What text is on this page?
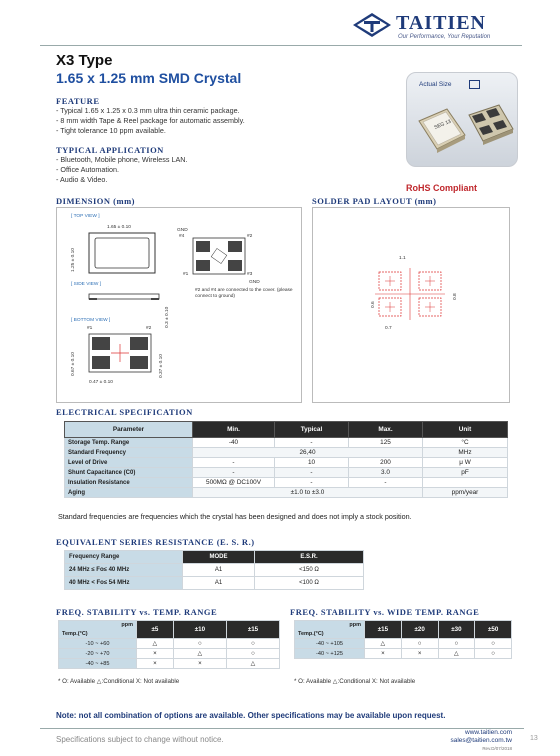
TAITIEN
Our Performance, Your Reputation
X3 Type
1.65 x 1.25 mm SMD Crystal
FEATURE
- Typical 1.65 x 1.25 x 0.3 mm ultra thin ceramic package.
- 8 mm width Tape & Reel package for automatic assembly.
- Tight tolerance 10 ppm available.
TYPICAL APPLICATION
- Bluetooth, Mobile phone, Wireless LAN.
- Office Automation.
- Audio & Video.
Actual Size
SEG 13
RoHS Compliant
DIMENSION (mm)
[ TOP VIEW ]
1.65 ± 0.10
1.25 ± 0.10
[ SIDE VIEW ]
0.3 ± 0.10
[ BOTTOM VIEW ]
#1	#2
0.67 ± 0.10	0.37 ± 0.10
0.47 ± 0.10
GND
#4	#2
#1	#3
GND
#2 and #4 are connected to the cover. (please connect to ground)
SOLDER PAD LAYOUT (mm)
1.1
0.6
0.8
0.7
ELECTRICAL SPECIFICATION
Parameter	Min.	Typical	Max.	Unit
Storage Temp. Range	-40	-	125	°C
Standard Frequency	26,40			MHz
Level of Drive	-	10	200	μ W
Shunt Capacitance (C0)	-	-	3.0	pF
Insulation Resistance	500MΩ @ DC100V	-	-	
Aging	±1.0 to ±3.0			ppm/year
Standard frequencies are frequencies which the crystal has been designed and does not imply a stock position.
EQUIVALENT SERIES RESISTANCE (E. S. R.)
Frequency Range	MODE	E.S.R.
24 MHz ≤ Fo≤ 40 MHz	A1	<150 Ω
40 MHz < Fo≤ 54 MHz	A1	<100 Ω
FREQ. STABILITY vs. TEMP. RANGE
ppm
Temp.(°C)	±5	±10	±15
-10 ~ +60	△	○	○
-20 ~ +70	×	△	○
-40 ~ +85	×	×	△
* O: Available △:Conditional X: Not available
FREQ. STABILITY vs. WIDE TEMP. RANGE
ppm
Temp.(°C)	±15	±20	±30	±50
-40 ~ +105	△	○	○	○
-40 ~ +125	×	×	△	○
* O: Available △:Conditional X: Not available
Note: not all combination of options are available. Other specifications may be available upon request.
Specifications subject to change without notice.
www.taitien.com
sales@taitien.com.tw
Rev.D/07/2018
13
